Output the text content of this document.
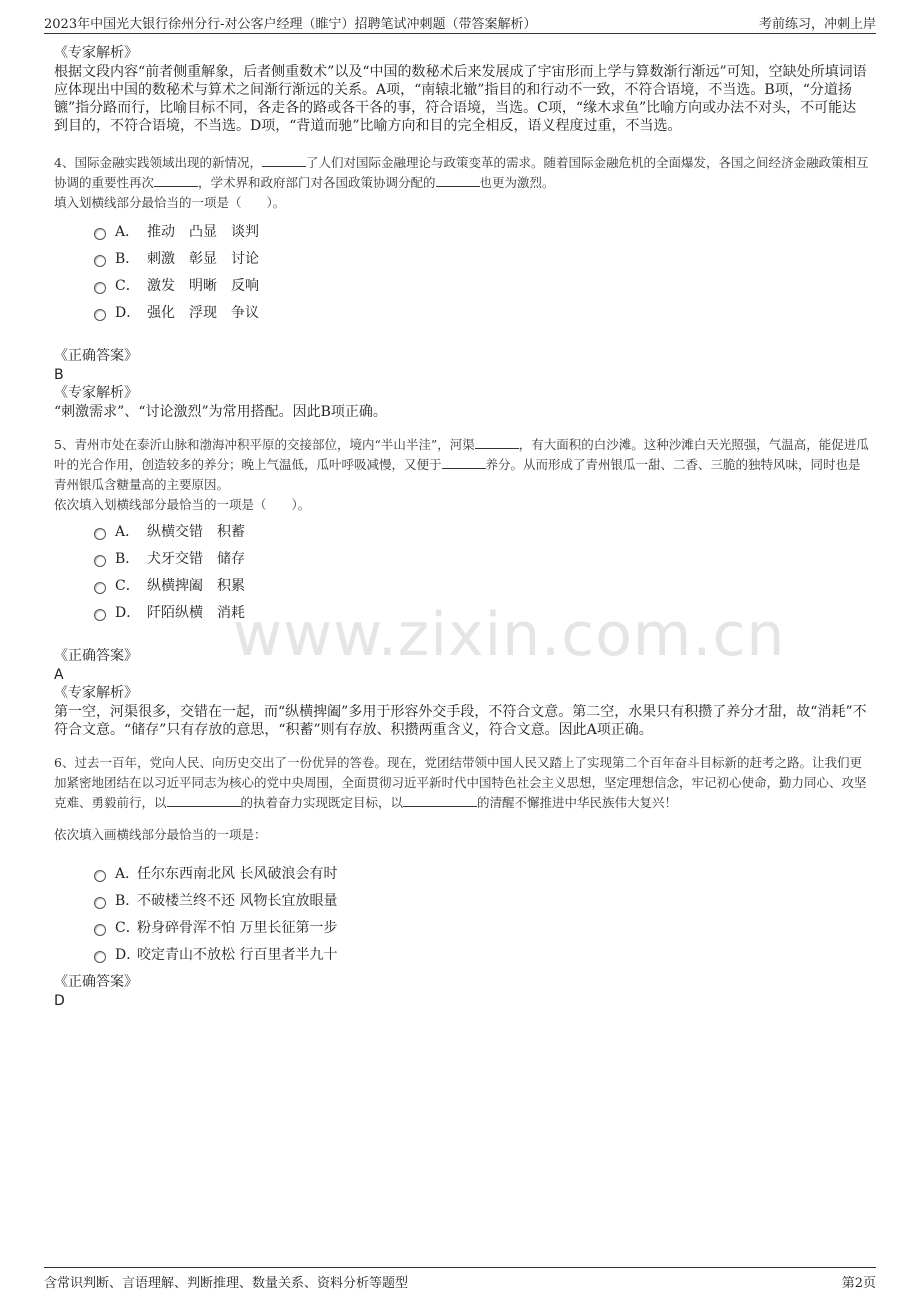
2023年中国光大银行徐州分行-对公客户经理（睢宁）招聘笔试冲刺题（带答案解析）	考前练习，冲刺上岸
www.zixin.com.cn
《专家解析》
根据文段内容“前者侧重解象，后者侧重数术”以及“中国的数秘术后来发展成了宇宙形而上学与算数渐行渐远”可知，空缺处所填词语应体现出中国的数秘术与算术之间渐行渐远的关系。A项，“南辕北辙”指目的和行动不一致，不符合语境，不当选。B项，“分道扬镳”指分路而行，比喻目标不同，各走各的路或各干各的事，符合语境，当选。C项，“缘木求鱼”比喻方向或办法不对头，不可能达到目的，不符合语境，不当选。D项，“背道而驰”比喻方向和目的完全相反，语义程度过重，不当选。
4、国际金融实践领域出现的新情况，	了人们对国际金融理论与政策变革的需求。随着国际金融危机的全面爆发，各国之间经济金融政策相互协调的重要性再次	，学术界和政府部门对各国政策协调分配的	也更为激烈。
填入划横线部分最恰当的一项是（　　）。
A． 推动　凸显　谈判
B． 刺激　彰显　讨论
C． 激发　明晰　反响
D． 强化　浮现　争议
《正确答案》
B
《专家解析》
“刺激需求”、“讨论激烈”为常用搭配。因此B项正确。
5、青州市处在泰沂山脉和渤海冲积平原的交接部位，境内“半山半洼”，河渠	，有大面积的白沙滩。这种沙滩白天光照强，气温高，能促进瓜叶的光合作用，创造较多的养分；晚上气温低，瓜叶呼吸减慢，又便于	养分。从而形成了青州银瓜一甜、二香、三脆的独特风味，同时也是青州银瓜含糖量高的主要原因。
依次填入划横线部分最恰当的一项是（　　）。
A． 纵横交错　积蓄
B． 犬牙交错　储存
C． 纵横捭阖　积累
D． 阡陌纵横　消耗
《正确答案》
A
《专家解析》
第一空，河渠很多，交错在一起，而“纵横捭阖”多用于形容外交手段，不符合文意。第二空，水果只有积攒了养分才甜，故“消耗”不符合文意。“储存”只有存放的意思，“积蓄”则有存放、积攒两重含义，符合文意。因此A项正确。
6、过去一百年，党向人民、向历史交出了一份优异的答卷。现在，党团结带领中国人民又踏上了实现第二个百年奋斗目标新的赶考之路。让我们更加紧密地团结在以习近平同志为核心的党中央周围，全面贯彻习近平新时代中国特色社会主义思想，坚定理想信念，牢记初心使命，勤力同心、攻坚克难、勇毅前行，以	的执着奋力实现既定目标，以	的清醒不懈推进中华民族伟大复兴！
依次填入画横线部分最恰当的一项是：
A．
任尔东西南北风 长风破浪会有时
B．
不破楼兰终不还 风物长宜放眼量
C．
粉身碎骨浑不怕 万里长征第一步
D．
咬定青山不放松 行百里者半九十
《正确答案》
D
含常识判断、言语理解、判断推理、数量关系、资料分析等题型	第2页
